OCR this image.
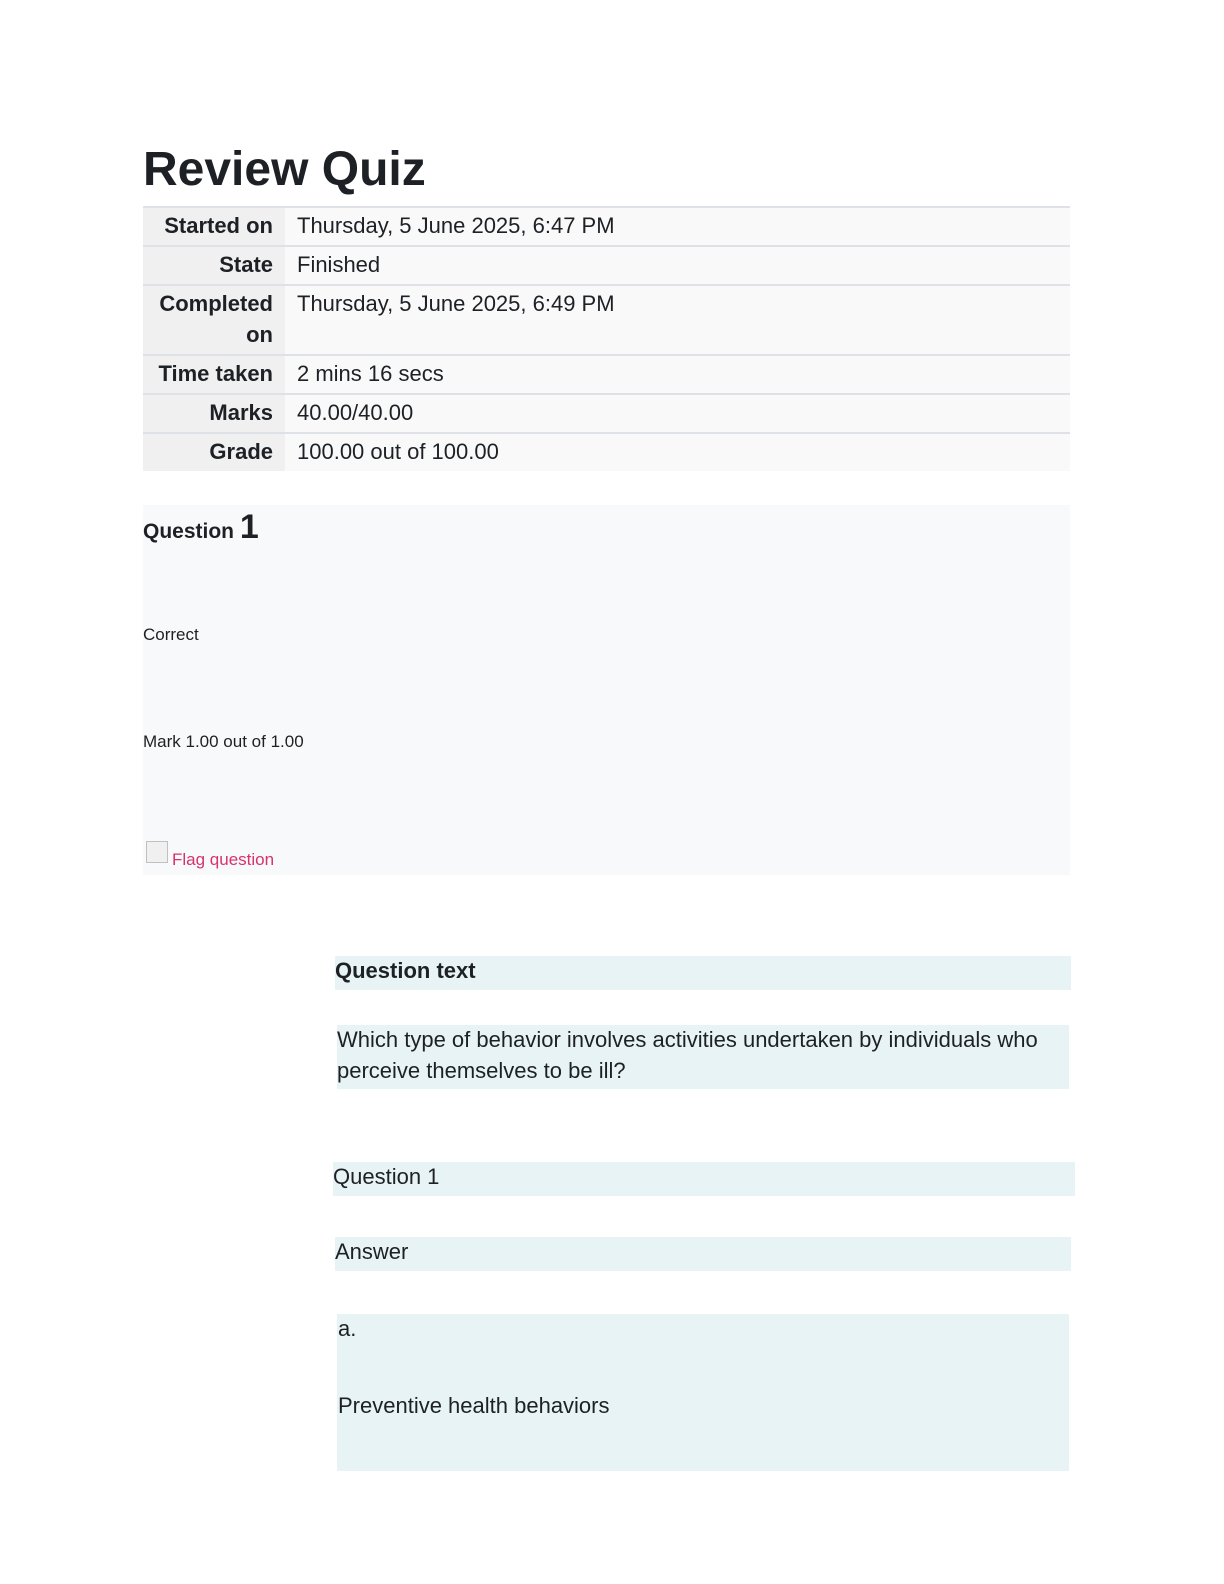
Review Quiz
Started on	Thursday, 5 June 2025, 6:47 PM
State	Finished
Completed on	Thursday, 5 June 2025, 6:49 PM
Time taken	2 mins 16 secs
Marks	40.00/40.00
Grade	100.00 out of 100.00
Question 1
Correct
Mark 1.00 out of 1.00
Flag question
Question text
Which type of behavior involves activities undertaken by individuals who perceive themselves to be ill?
Question 1
Answer
a.
Preventive health behaviors
